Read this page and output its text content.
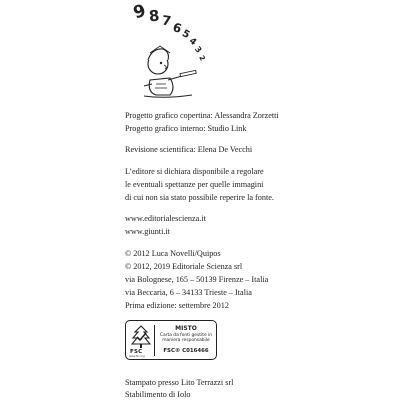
9 8 7
6
5
4
3
2
Progetto grafico copertina: Alessandra Zorzetti
Progetto grafico interno: Studio Link
Revisione scientifica: Elena De Vecchi
L’editore si dichiara disponibile a regolare
le eventuali spettanze per quelle immagini
di cui non sia stato possibile reperire la fonte.
www.editorialescienza.it
www.giunti.it
© 2012 Luca Novelli/Quipos
© 2012, 2019 Editoriale Scienza srl
via Bolognese, 165 – 50139 Firenze – Italia
via Beccaria, 6 – 34133 Trieste – Italia
Prima edizione: settembre 2012
FSC
www.fsc.org
MISTO
Carta da fonti gestite in maniera responsabile
FSC® C016466
Stampato presso Lito Terrazzi srl
Stabilimento di Iolo
